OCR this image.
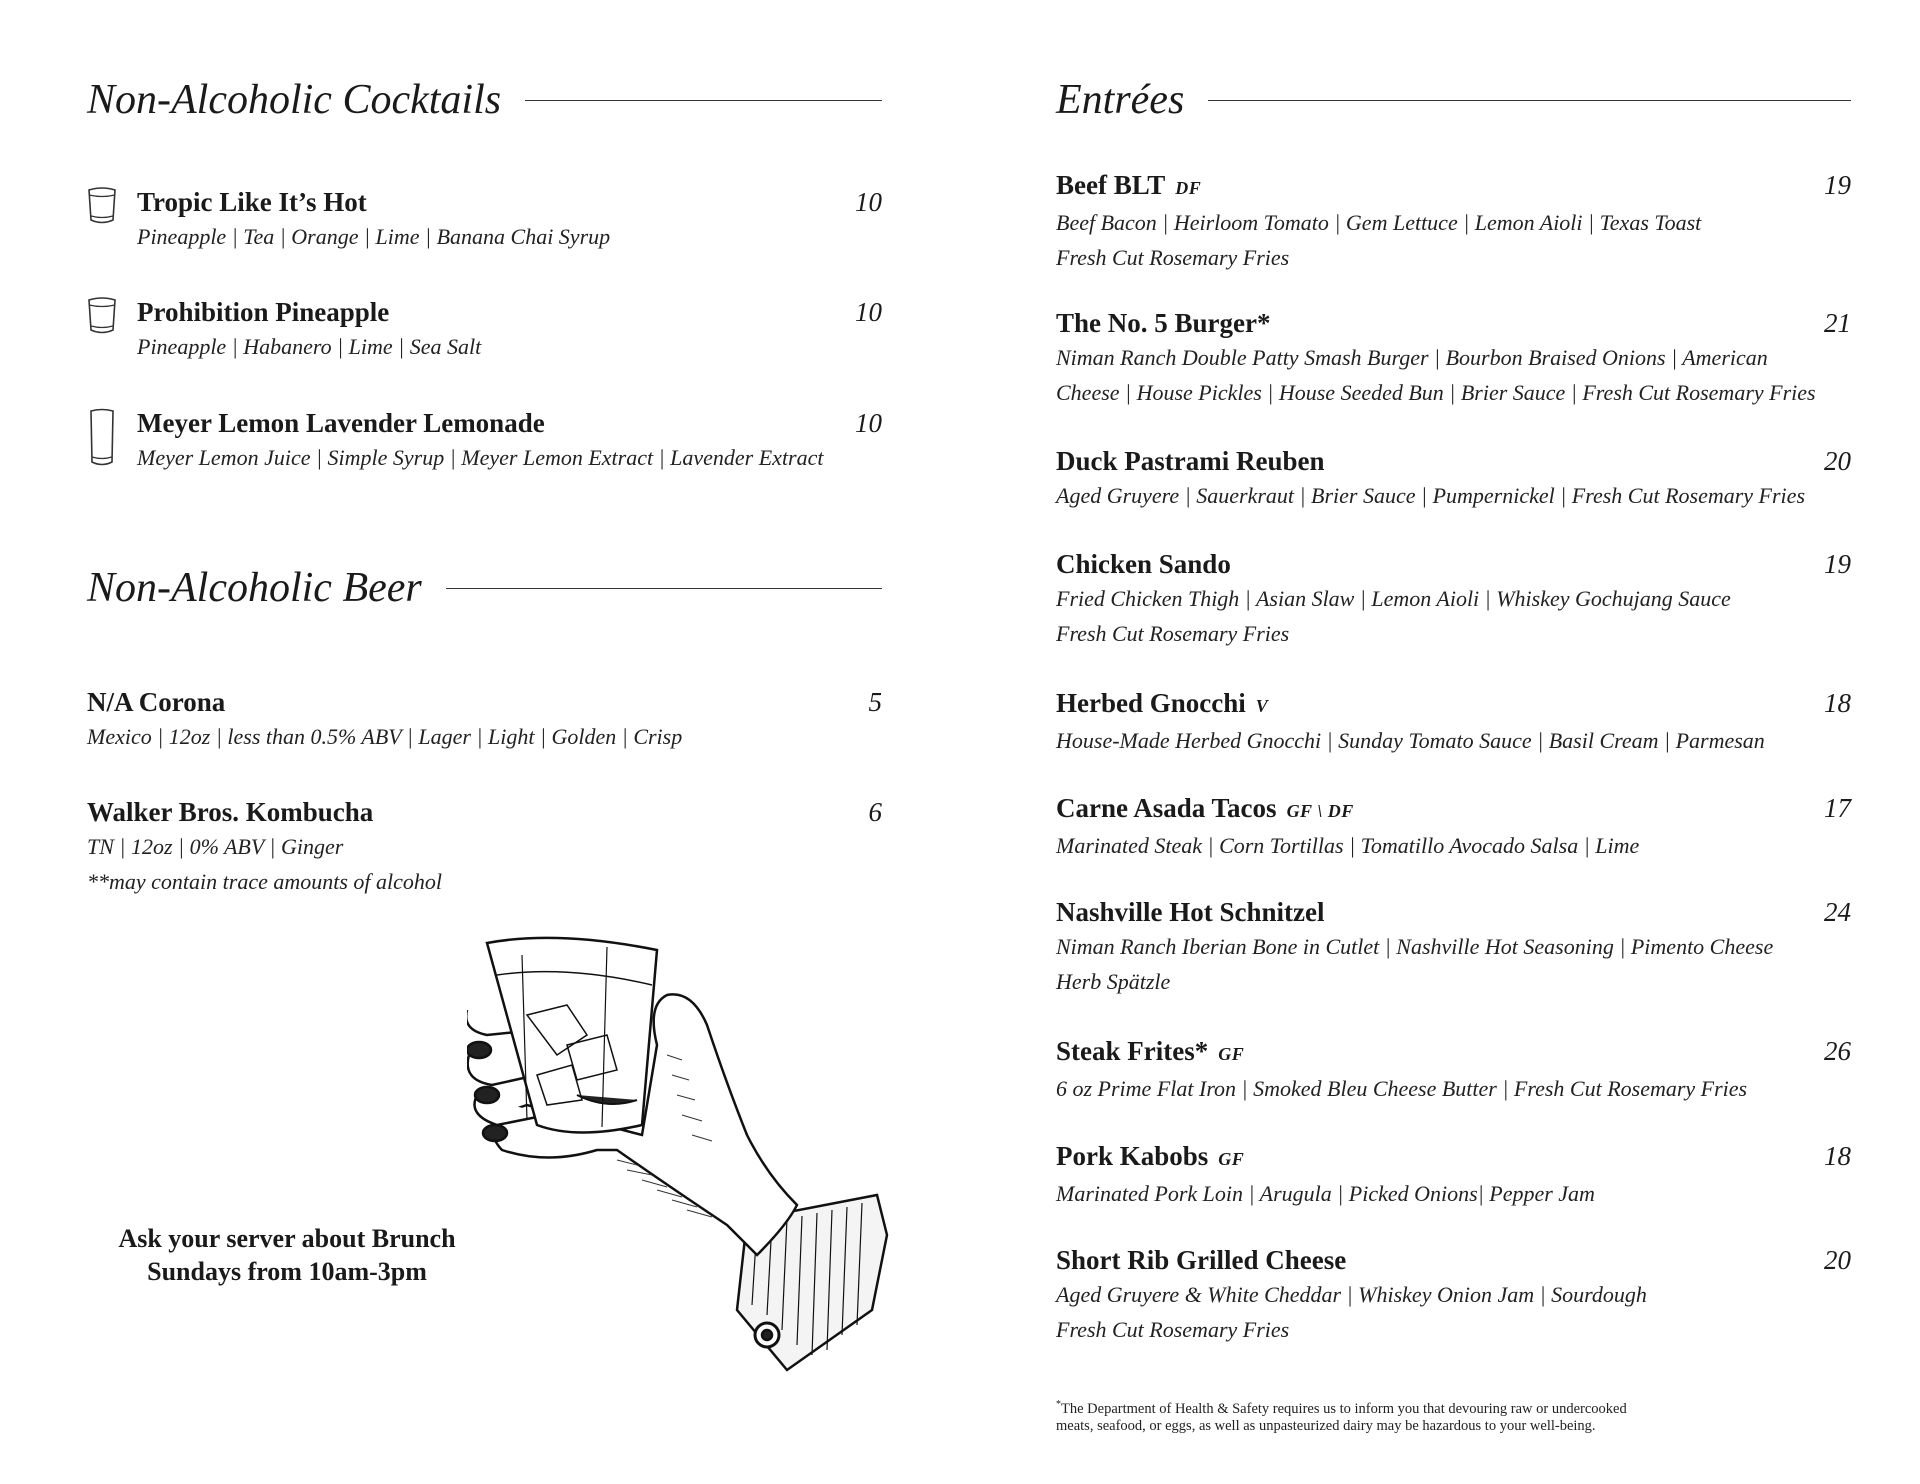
Non-Alcoholic Cocktails
Tropic Like It’s Hot
Pineapple | Tea | Orange | Lime | Banana Chai Syrup
10
Prohibition Pineapple
Pineapple | Habanero | Lime | Sea Salt
10
Meyer Lemon Lavender Lemonade
Meyer Lemon Juice | Simple Syrup | Meyer Lemon Extract | Lavender Extract
10
Non-Alcoholic Beer
N/A Corona
Mexico | 12oz | less than 0.5% ABV | Lager | Light | Golden | Crisp
5
Walker Bros. Kombucha
TN | 12oz | 0% ABV | Ginger
**may contain trace amounts of alcohol
6
Ask your server about Brunch
Sundays from 10am-3pm
Entrées
Beef BLT DF
Beef Bacon | Heirloom Tomato | Gem Lettuce | Lemon Aioli | Texas Toast
Fresh Cut Rosemary Fries
19
The No. 5 Burger*
Niman Ranch Double Patty Smash Burger | Bourbon Braised Onions | American
Cheese | House Pickles | House Seeded Bun | Brier Sauce | Fresh Cut Rosemary Fries
21
Duck Pastrami Reuben
Aged Gruyere | Sauerkraut | Brier Sauce | Pumpernickel | Fresh Cut Rosemary Fries
20
Chicken Sando
Fried Chicken Thigh | Asian Slaw | Lemon Aioli | Whiskey Gochujang Sauce
Fresh Cut Rosemary Fries
19
Herbed Gnocchi V
House-Made Herbed Gnocchi | Sunday Tomato Sauce | Basil Cream | Parmesan
18
Carne Asada Tacos GF \ DF
Marinated Steak | Corn Tortillas | Tomatillo Avocado Salsa | Lime
17
Nashville Hot Schnitzel
Niman Ranch Iberian Bone in Cutlet | Nashville Hot Seasoning | Pimento Cheese
Herb Spätzle
24
Steak Frites* GF
6 oz Prime Flat Iron | Smoked Bleu Cheese Butter | Fresh Cut Rosemary Fries
26
Pork Kabobs GF
Marinated Pork Loin | Arugula | Picked Onions| Pepper Jam
18
Short Rib Grilled Cheese
Aged Gruyere & White Cheddar | Whiskey Onion Jam | Sourdough
Fresh Cut Rosemary Fries
20
*The Department of Health & Safety requires us to inform you that devouring raw or undercooked
meats, seafood, or eggs, as well as unpasteurized dairy may be hazardous to your well-being.
